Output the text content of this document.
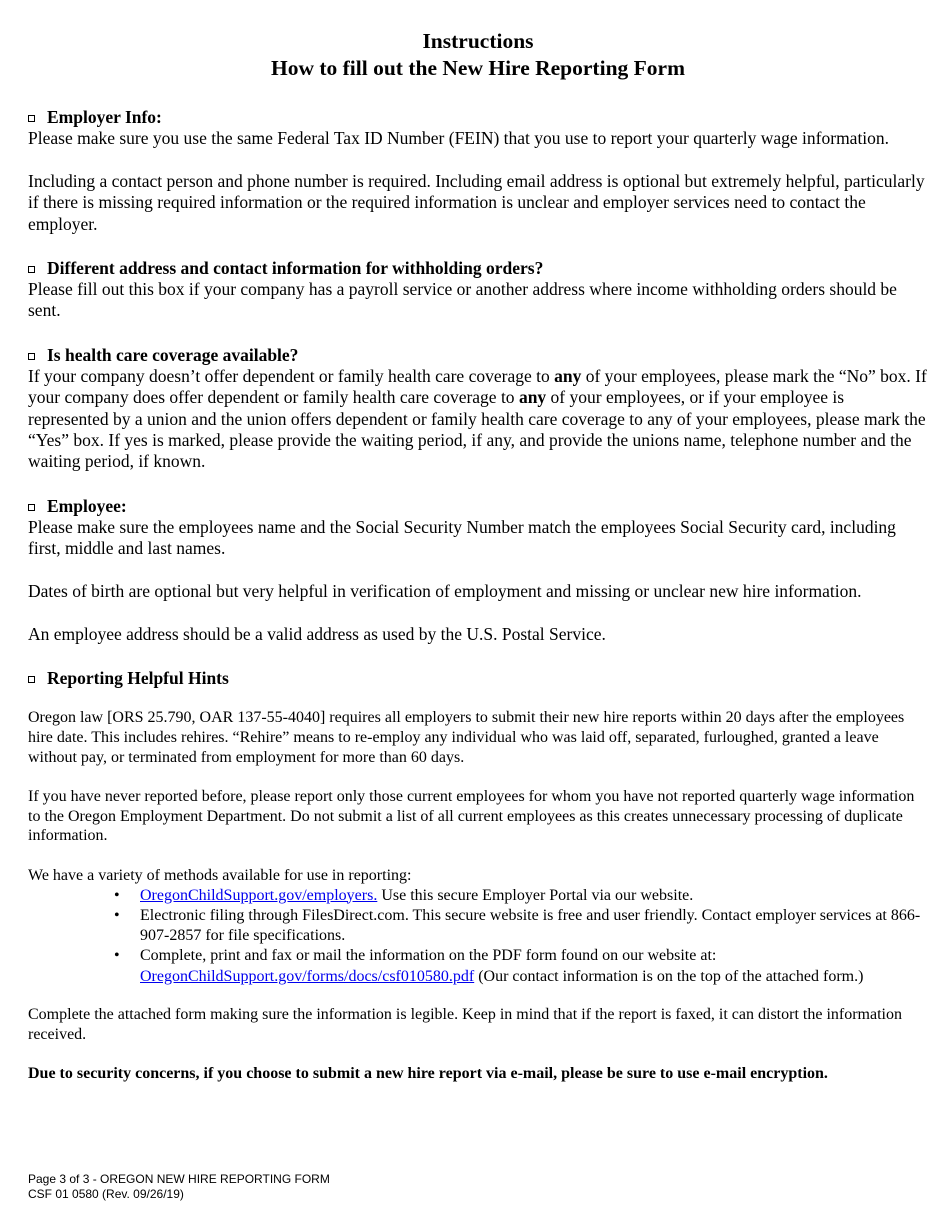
Instructions
How to fill out the New Hire Reporting Form
Employer Info:

Please make sure you use the same Federal Tax ID Number (FEIN) that you use to report your quarterly wage information.

Including a contact person and phone number is required. Including email address is optional but extremely helpful, particularly if there is missing required information or the required information is unclear and employer services need to contact the employer.

Different address and contact information for withholding orders?

Please fill out this box if your company has a payroll service or another address where income withholding orders should be sent.

Is health care coverage available?

If your company doesn’t offer dependent or family health care coverage to any of your employees, please mark the “No” box. If your company does offer dependent or family health care coverage to any of your employees, or if your employee is represented by a union and the union offers dependent or family health care coverage to any of your employees, please mark the “Yes” box. If yes is marked, please provide the waiting period, if any, and provide the unions name, telephone number and the waiting period, if known.

Employee:

Please make sure the employees name and the Social Security Number match the employees Social Security card, including first, middle and last names.

Dates of birth are optional but very helpful in verification of employment and missing or unclear new hire information.

An employee address should be a valid address as used by the U.S. Postal Service.

Reporting Helpful Hints

Oregon law [ORS 25.790, OAR 137-55-4040] requires all employers to submit their new hire reports within 20 days after the employees hire date. This includes rehires. “Rehire” means to re-employ any individual who was laid off, separated, furloughed, granted a leave without pay, or terminated from employment for more than 60 days.

If you have never reported before, please report only those current employees for whom you have not reported quarterly wage information to the Oregon Employment Department. Do not submit a list of all current employees as this creates unnecessary processing of duplicate information.

We have a variety of methods available for use in reporting:

• OregonChildSupport.gov/employers. Use this secure Employer Portal via our website.
• Electronic filing through FilesDirect.com. This secure website is free and user friendly. Contact employer services at 866-907-2857 for file specifications.
• Complete, print and fax or mail the information on the PDF form found on our website at:
OregonChildSupport.gov/forms/docs/csf010580.pdf (Our contact information is on the top of the attached form.)

Complete the attached form making sure the information is legible. Keep in mind that if the report is faxed, it can distort the information received.

Due to security concerns, if you choose to submit a new hire report via e-mail, please be sure to use e-mail encryption.

Page 3 of 3 - OREGON NEW HIRE REPORTING FORM
CSF 01 0580 (Rev. 09/26/19)
